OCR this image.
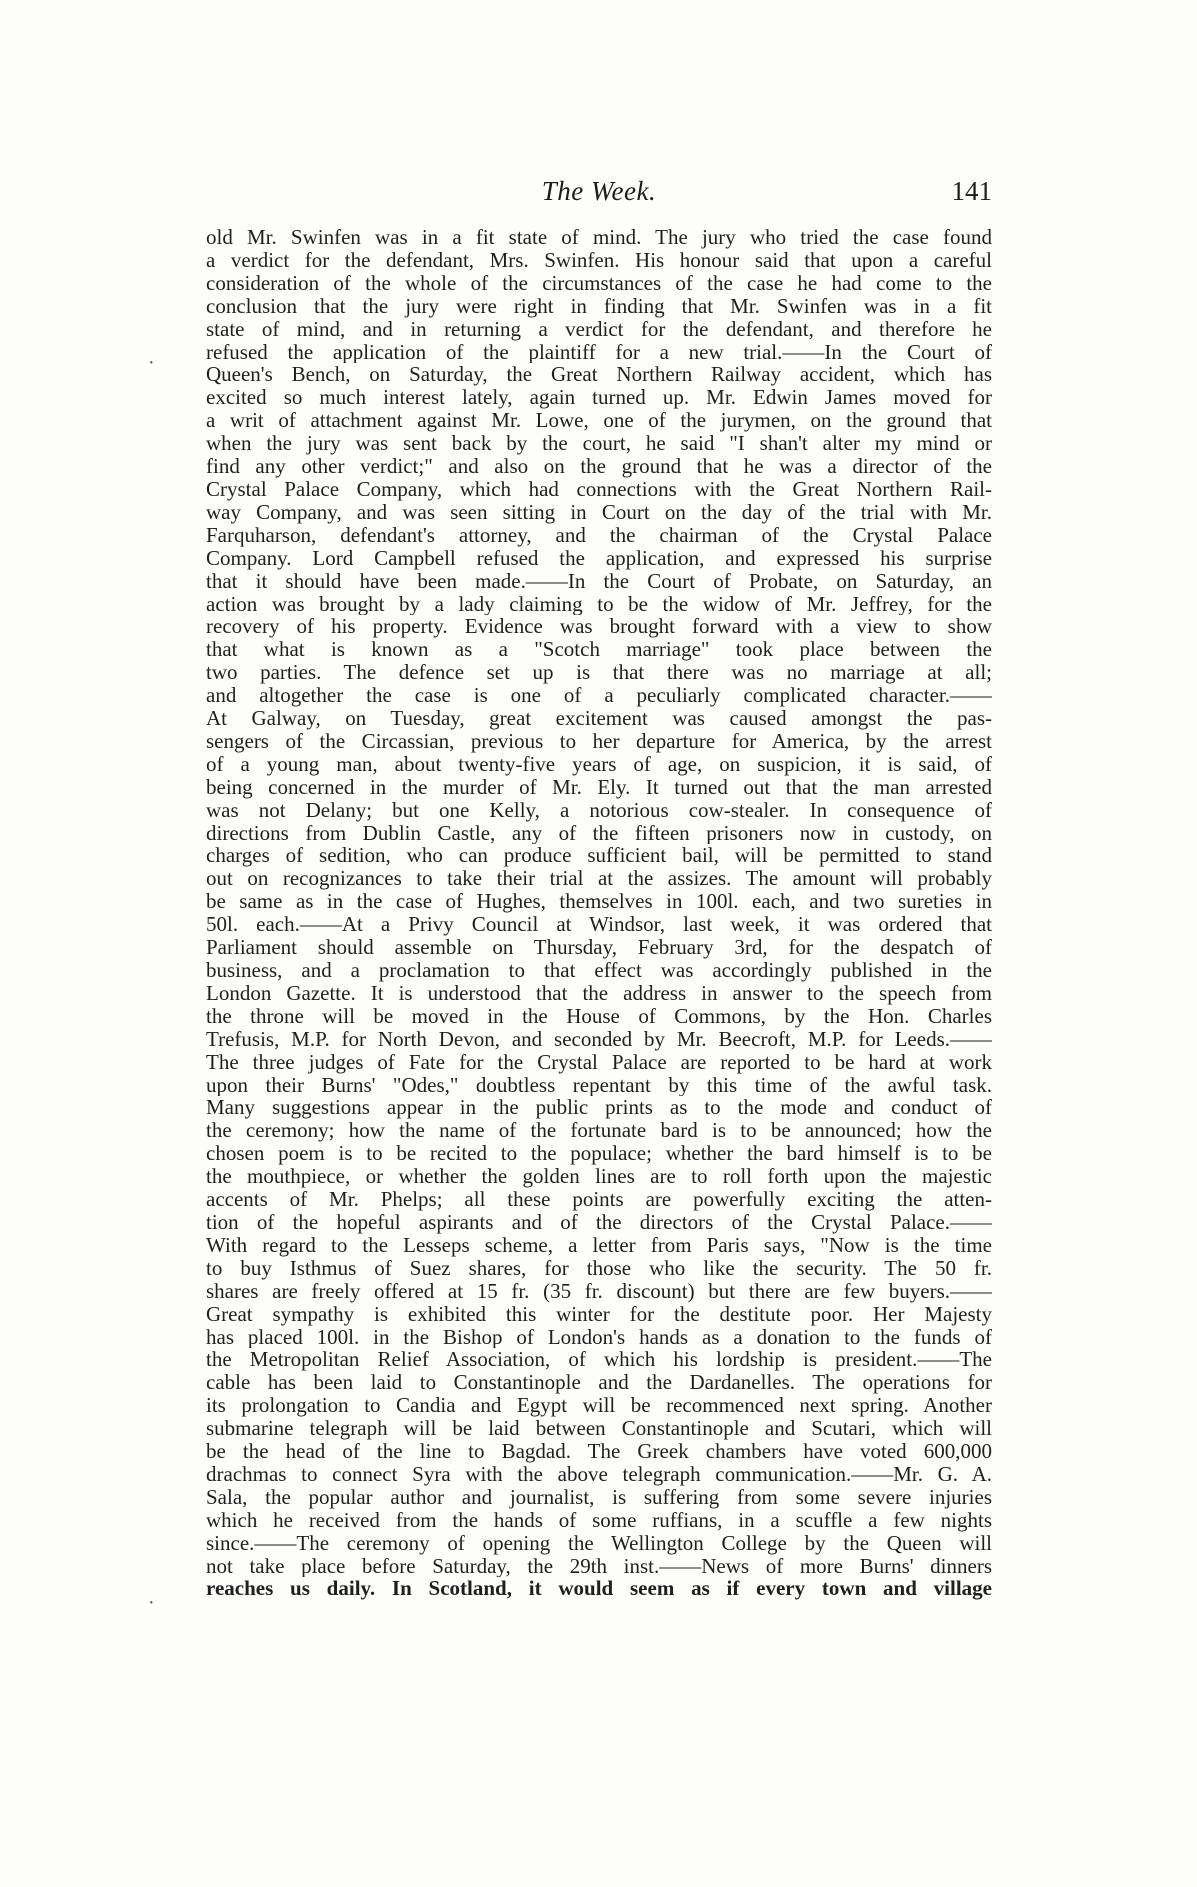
The Week.	141
·
·
old Mr. Swinfen was in a fit state of mind. The jury who tried the case found
a verdict for the defendant, Mrs. Swinfen. His honour said that upon a careful
consideration of the whole of the circumstances of the case he had come to the
conclusion that the jury were right in finding that Mr. Swinfen was in a fit
state of mind, and in returning a verdict for the defendant, and therefore he
refused the application of the plaintiff for a new trial.——In the Court of
Queen's Bench, on Saturday, the Great Northern Railway accident, which has
excited so much interest lately, again turned up. Mr. Edwin James moved for
a writ of attachment against Mr. Lowe, one of the jurymen, on the ground that
when the jury was sent back by the court, he said "I shan't alter my mind or
find any other verdict;" and also on the ground that he was a director of the
Crystal Palace Company, which had connections with the Great Northern Rail-
way Company, and was seen sitting in Court on the day of the trial with Mr.
Farquharson, defendant's attorney, and the chairman of the Crystal Palace
Company. Lord Campbell refused the application, and expressed his surprise
that it should have been made.——In the Court of Probate, on Saturday, an
action was brought by a lady claiming to be the widow of Mr. Jeffrey, for the
recovery of his property. Evidence was brought forward with a view to show
that what is known as a "Scotch marriage" took place between the
two parties. The defence set up is that there was no marriage at all;
and altogether the case is one of a peculiarly complicated character.——
At Galway, on Tuesday, great excitement was caused amongst the pas-
sengers of the Circassian, previous to her departure for America, by the arrest
of a young man, about twenty-five years of age, on suspicion, it is said, of
being concerned in the murder of Mr. Ely. It turned out that the man arrested
was not Delany; but one Kelly, a notorious cow-stealer. In consequence of
directions from Dublin Castle, any of the fifteen prisoners now in custody, on
charges of sedition, who can produce sufficient bail, will be permitted to stand
out on recognizances to take their trial at the assizes. The amount will probably
be same as in the case of Hughes, themselves in 100l. each, and two sureties in
50l. each.——At a Privy Council at Windsor, last week, it was ordered that
Parliament should assemble on Thursday, February 3rd, for the despatch of
business, and a proclamation to that effect was accordingly published in the
London Gazette. It is understood that the address in answer to the speech from
the throne will be moved in the House of Commons, by the Hon. Charles
Trefusis, M.P. for North Devon, and seconded by Mr. Beecroft, M.P. for Leeds.——
The three judges of Fate for the Crystal Palace are reported to be hard at work
upon their Burns' "Odes," doubtless repentant by this time of the awful task.
Many suggestions appear in the public prints as to the mode and conduct of
the ceremony; how the name of the fortunate bard is to be announced; how the
chosen poem is to be recited to the populace; whether the bard himself is to be
the mouthpiece, or whether the golden lines are to roll forth upon the majestic
accents of Mr. Phelps; all these points are powerfully exciting the atten-
tion of the hopeful aspirants and of the directors of the Crystal Palace.——
With regard to the Lesseps scheme, a letter from Paris says, "Now is the time
to buy Isthmus of Suez shares, for those who like the security. The 50 fr.
shares are freely offered at 15 fr. (35 fr. discount) but there are few buyers.——
Great sympathy is exhibited this winter for the destitute poor. Her Majesty
has placed 100l. in the Bishop of London's hands as a donation to the funds of
the Metropolitan Relief Association, of which his lordship is president.——The
cable has been laid to Constantinople and the Dardanelles. The operations for
its prolongation to Candia and Egypt will be recommenced next spring. Another
submarine telegraph will be laid between Constantinople and Scutari, which will
be the head of the line to Bagdad. The Greek chambers have voted 600,000
drachmas to connect Syra with the above telegraph communication.——Mr. G. A.
Sala, the popular author and journalist, is suffering from some severe injuries
which he received from the hands of some ruffians, in a scuffle a few nights
since.——The ceremony of opening the Wellington College by the Queen will
not take place before Saturday, the 29th inst.——News of more Burns' dinners
reaches us daily. In Scotland, it would seem as if every town and village
